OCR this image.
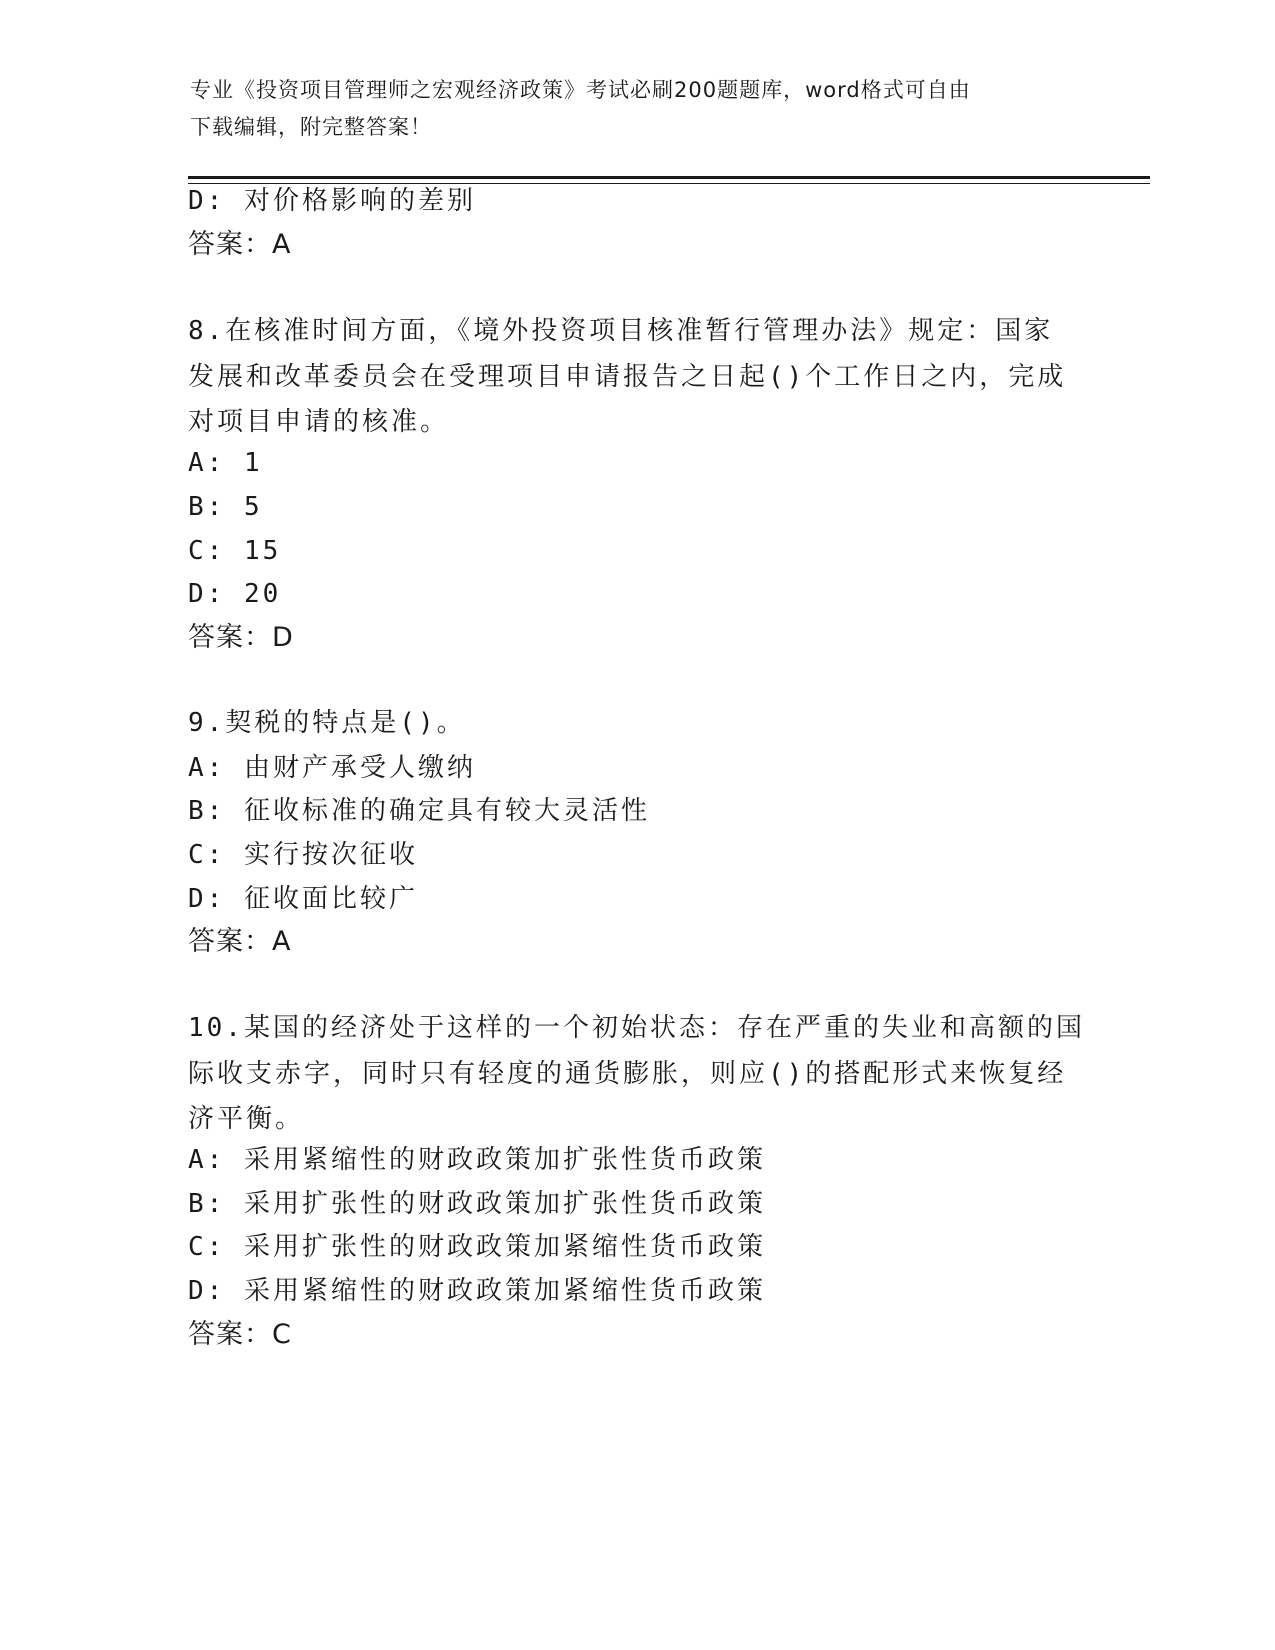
专业《投资项目管理师之宏观经济政策》考试必刷200题题库，word格式可自由
下载编辑，附完整答案！
D: 对价格影响的差别
答案：A
8.在核准时间方面，《境外投资项目核准暂行管理办法》规定：国家
发展和改革委员会在受理项目申请报告之日起()个工作日之内，完成
对项目申请的核准。
A: 1
B: 5
C: 15
D: 20
答案：D
9.契税的特点是()。
A: 由财产承受人缴纳
B: 征收标准的确定具有较大灵活性
C: 实行按次征收
D: 征收面比较广
答案：A
10.某国的经济处于这样的一个初始状态：存在严重的失业和高额的国
际收支赤字，同时只有轻度的通货膨胀，则应()的搭配形式来恢复经
济平衡。
A: 采用紧缩性的财政政策加扩张性货币政策
B: 采用扩张性的财政政策加扩张性货币政策
C: 采用扩张性的财政政策加紧缩性货币政策
D: 采用紧缩性的财政政策加紧缩性货币政策
答案：C
